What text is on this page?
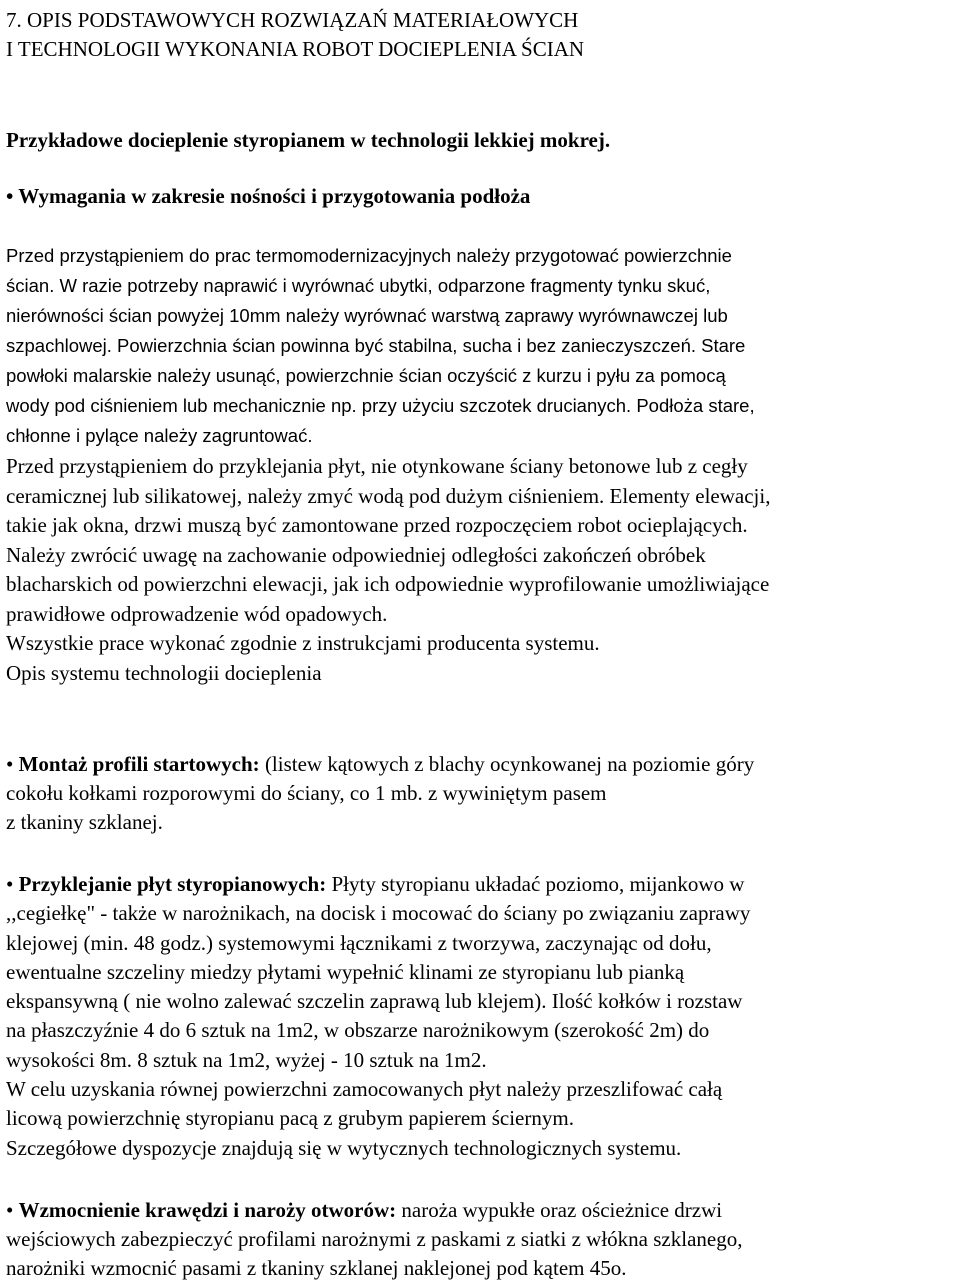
7. OPIS PODSTAWOWYCH ROZWIĄZAŃ MATERIAŁOWYCH
I TECHNOLOGII WYKONANIA ROBOT DOCIEPLENIA ŚCIAN
Przykładowe docieplenie styropianem w technologii lekkiej mokrej.
• Wymagania w zakresie nośności i przygotowania podłoża
Przed przystąpieniem do prac termomodernizacyjnych należy przygotować powierzchnie
ścian. W razie potrzeby naprawić i wyrównać ubytki, odparzone fragmenty tynku skuć,
nierówności ścian powyżej 10mm należy wyrównać warstwą zaprawy wyrównawczej lub
szpachlowej. Powierzchnia ścian powinna być stabilna, sucha i bez zanieczyszczeń. Stare
powłoki malarskie należy usunąć, powierzchnie ścian oczyścić z kurzu i pyłu za pomocą
wody pod ciśnieniem lub mechanicznie np. przy użyciu szczotek drucianych. Podłoża stare,
chłonne i pylące należy zagruntować.
Przed przystąpieniem do przyklejania płyt, nie otynkowane ściany betonowe lub z cegły
ceramicznej lub silikatowej, należy zmyć wodą pod dużym ciśnieniem. Elementy elewacji,
takie jak okna, drzwi muszą być zamontowane przed rozpoczęciem robot ocieplających.
Należy zwrócić uwagę na zachowanie odpowiedniej odległości zakończeń obróbek
blacharskich od powierzchni elewacji, jak ich odpowiednie wyprofilowanie umożliwiające
prawidłowe odprowadzenie wód opadowych.
Wszystkie prace wykonać zgodnie z instrukcjami producenta systemu.
Opis systemu technologii docieplenia
• Montaż profili startowych: (listew kątowych z blachy ocynkowanej na poziomie góry
cokołu kołkami rozporowymi do ściany, co 1 mb. z wywiniętym pasem
z tkaniny szklanej.
• Przyklejanie płyt styropianowych: Płyty styropianu układać poziomo, mijankowo w
,,cegiełkę" - także w narożnikach, na docisk i mocować do ściany po związaniu zaprawy
klejowej (min. 48 godz.) systemowymi łącznikami z tworzywa, zaczynając od dołu,
ewentualne szczeliny miedzy płytami wypełnić klinami ze styropianu lub pianką
ekspansywną ( nie wolno zalewać szczelin zaprawą lub klejem). Ilość kołków i rozstaw
na płaszczyźnie 4 do 6 sztuk na 1m2, w obszarze narożnikowym (szerokość 2m) do
wysokości 8m. 8 sztuk na 1m2, wyżej - 10 sztuk na 1m2.
W celu uzyskania równej powierzchni zamocowanych płyt należy przeszlifować całą
licową powierzchnię styropianu pacą z grubym papierem ściernym.
Szczegółowe dyspozycje znajdują się w wytycznych technologicznych systemu.
• Wzmocnienie krawędzi i naroży otworów: naroża wypukłe oraz ościeżnice drzwi
wejściowych zabezpieczyć profilami narożnymi z paskami z siatki z włókna szklanego,
narożniki wzmocnić pasami z tkaniny szklanej naklejonej pod kątem 45o.
